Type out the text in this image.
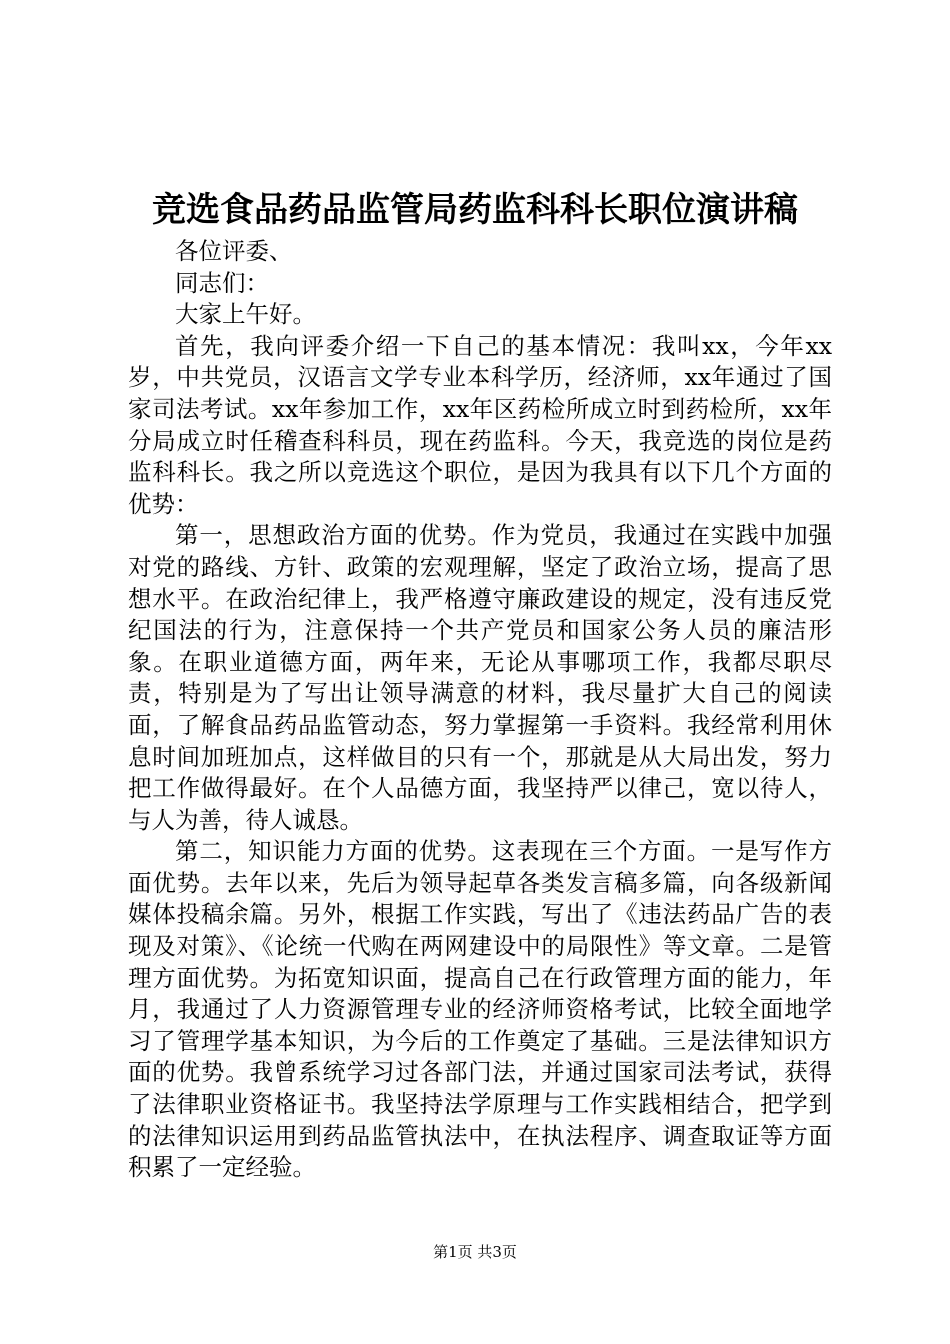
竞选食品药品监管局药监科科长职位演讲稿

各位评委、

同志们：

大家上午好。

首先，我向评委介绍一下自己的基本情况：我叫xx，今年xx岁，中共党员，汉语言文学专业本科学历，经济师，xx年通过了国家司法考试。xx年参加工作，xx年区药检所成立时到药检所，xx年分局成立时任稽查科科员，现在药监科。今天，我竞选的岗位是药监科科长。我之所以竞选这个职位，是因为我具有以下几个方面的优势：

第一，思想政治方面的优势。作为党员，我通过在实践中加强对党的路线、方针、政策的宏观理解，坚定了政治立场，提高了思想水平。在政治纪律上，我严格遵守廉政建设的规定，没有违反党纪国法的行为，注意保持一个共产党员和国家公务人员的廉洁形象。在职业道德方面，两年来，无论从事哪项工作，我都尽职尽责，特别是为了写出让领导满意的材料，我尽量扩大自己的阅读面，了解食品药品监管动态，努力掌握第一手资料。我经常利用休息时间加班加点，这样做目的只有一个，那就是从大局出发，努力把工作做得最好。在个人品德方面，我坚持严以律己，宽以待人，与人为善，待人诚恳。

第二，知识能力方面的优势。这表现在三个方面。一是写作方面优势。去年以来，先后为领导起草各类发言稿多篇，向各级新闻媒体投稿余篇。另外，根据工作实践，写出了《违法药品广告的表现及对策》、《论统一代购在两网建设中的局限性》等文章。二是管理方面优势。为拓宽知识面，提高自己在行政管理方面的能力，年月，我通过了人力资源管理专业的经济师资格考试，比较全面地学习了管理学基本知识，为今后的工作奠定了基础。三是法律知识方面的优势。我曾系统学习过各部门法，并通过国家司法考试，获得了法律职业资格证书。我坚持法学原理与工作实践相结合，把学到的法律知识运用到药品监管执法中，在执法程序、调查取证等方面积累了一定经验。

第1页 共3页
